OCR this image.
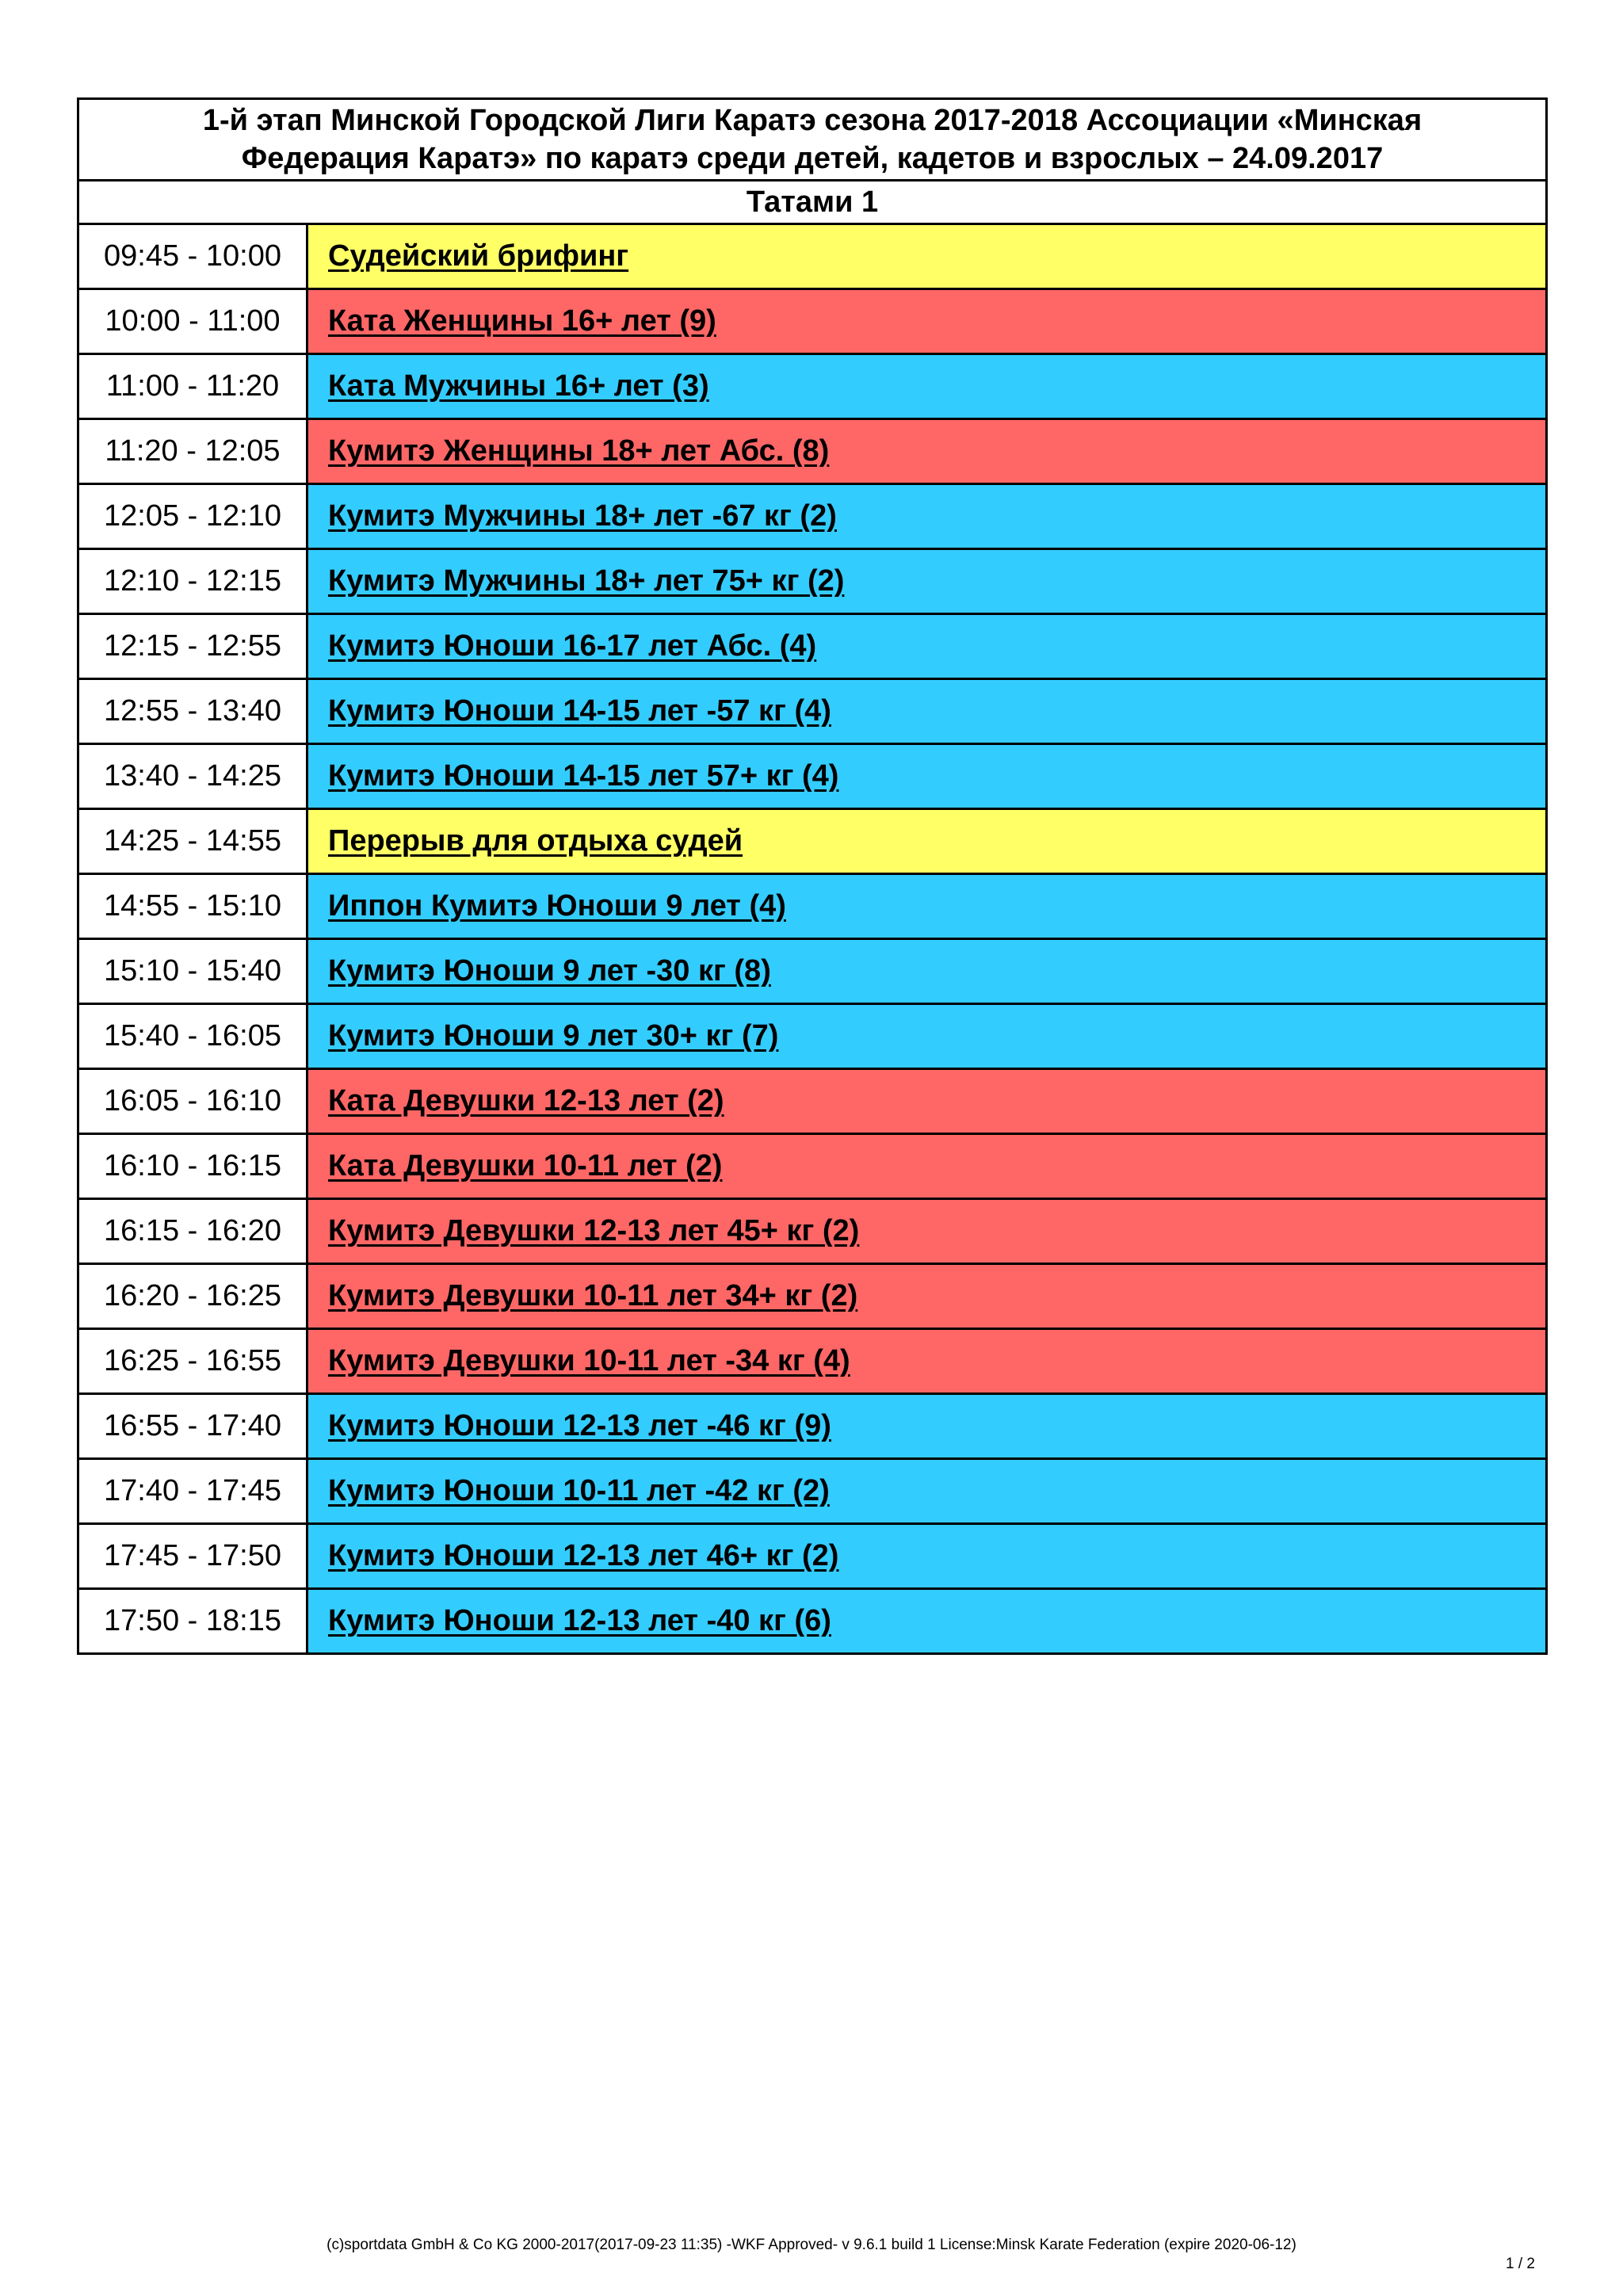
1-й этап Минской Городской Лиги Каратэ сезона 2017-2018 Ассоциации «Минская
Федерация Каратэ» по каратэ среди детей, кадетов и взрослых – 24.09.2017
Татами 1
09:45 - 10:00	Судейский брифинг
10:00 - 11:00	Ката Женщины 16+ лет (9)
11:00 - 11:20	Ката Мужчины 16+ лет (3)
11:20 - 12:05	Кумитэ Женщины 18+ лет Абс. (8)
12:05 - 12:10	Кумитэ Мужчины 18+ лет -67 кг (2)
12:10 - 12:15	Кумитэ Мужчины 18+ лет 75+ кг (2)
12:15 - 12:55	Кумитэ Юноши 16-17 лет Абс. (4)
12:55 - 13:40	Кумитэ Юноши 14-15 лет -57 кг (4)
13:40 - 14:25	Кумитэ Юноши 14-15 лет 57+ кг (4)
14:25 - 14:55	Перерыв для отдыха судей
14:55 - 15:10	Иппон Кумитэ Юноши 9 лет (4)
15:10 - 15:40	Кумитэ Юноши 9 лет -30 кг (8)
15:40 - 16:05	Кумитэ Юноши 9 лет 30+ кг (7)
16:05 - 16:10	Ката Девушки 12-13 лет (2)
16:10 - 16:15	Ката Девушки 10-11 лет (2)
16:15 - 16:20	Кумитэ Девушки 12-13 лет 45+ кг (2)
16:20 - 16:25	Кумитэ Девушки 10-11 лет 34+ кг (2)
16:25 - 16:55	Кумитэ Девушки 10-11 лет -34 кг (4)
16:55 - 17:40	Кумитэ Юноши 12-13 лет -46 кг (9)
17:40 - 17:45	Кумитэ Юноши 10-11 лет -42 кг (2)
17:45 - 17:50	Кумитэ Юноши 12-13 лет 46+ кг (2)
17:50 - 18:15	Кумитэ Юноши 12-13 лет -40 кг (6)
(c)sportdata GmbH & Co KG 2000-2017(2017-09-23 11:35) -WKF Approved- v 9.6.1 build 1 License:Minsk Karate Federation (expire 2020-06-12)
1 / 2
